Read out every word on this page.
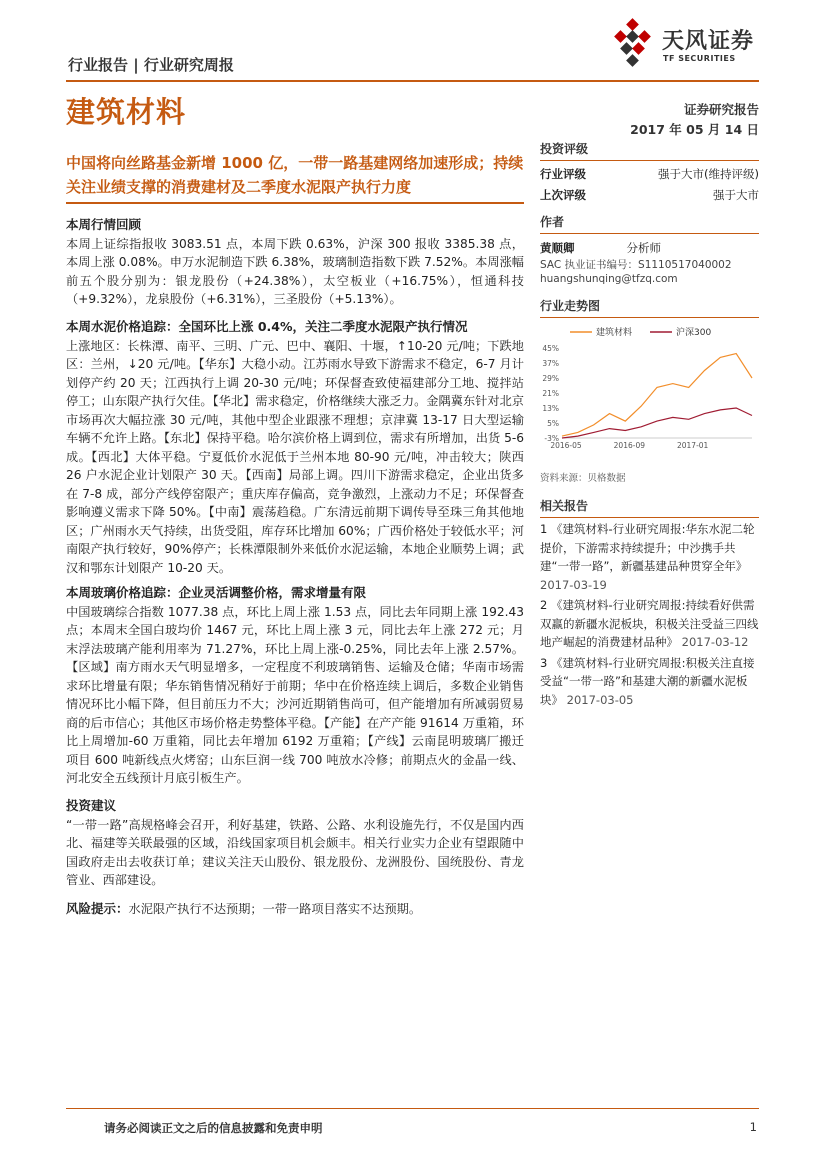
行业报告 | 行业研究周报
天风证券
TF SECURITIES
建筑材料	证券研究报告
2017 年 05 月 14 日
中国将向丝路基金新增 1000 亿，一带一路基建网络加速形成；持续关注业绩支撑的消费建材及二季度水泥限产执行力度
本周行情回顾
本周上证综指报收 3083.51 点，本周下跌 0.63%，沪深 300 报收 3385.38 点，本周上涨 0.08%。申万水泥制造下跌 6.38%，玻璃制造指数下跌 7.52%。本周涨幅前五个股分别为：银龙股份（+24.38%），太空板业（+16.75%），恒通科技（+9.32%），龙泉股份（+6.31%），三圣股份（+5.13%）。
本周水泥价格追踪：全国环比上涨 0.4%，关注二季度水泥限产执行情况
上涨地区：长株潭、南平、三明、广元、巴中、襄阳、十堰，↑10-20 元/吨；下跌地区：兰州，↓20 元/吨。【华东】大稳小动。江苏雨水导致下游需求不稳定，6-7 月计划停产约 20 天；江西执行上调 20-30 元/吨；环保督查致使福建部分工地、搅拌站停工；山东限产执行欠佳。【华北】需求稳定，价格继续大涨乏力。金隅冀东针对北京市场再次大幅拉涨 30 元/吨，其他中型企业跟涨不理想；京津冀 13-17 日大型运输车辆不允许上路。【东北】保持平稳。哈尔滨价格上调到位，需求有所增加，出货 5-6 成。【西北】大体平稳。宁夏低价水泥低于兰州本地 80-90 元/吨，冲击较大；陕西 26 户水泥企业计划限产 30 天。【西南】局部上调。四川下游需求稳定，企业出货多在 7-8 成，部分产线停窑限产；重庆库存偏高，竞争激烈，上涨动力不足；环保督查影响遵义需求下降 50%。【中南】震荡趋稳。广东清远前期下调传导至珠三角其他地区；广州雨水天气持续，出货受阻，库存环比增加 60%；广西价格处于较低水平；河南限产执行较好，90%停产；长株潭限制外来低价水泥运输，本地企业顺势上调；武汉和鄂东计划限产 10-20 天。
本周玻璃价格追踪：企业灵活调整价格，需求增量有限
中国玻璃综合指数 1077.38 点，环比上周上涨 1.53 点，同比去年同期上涨 192.43 点；本周末全国白玻均价 1467 元，环比上周上涨 3 元，同比去年上涨 272 元；月末浮法玻璃产能利用率为 71.27%，环比上周上涨-0.25%，同比去年上涨 2.57%。【区域】南方雨水天气明显增多，一定程度不利玻璃销售、运输及仓储；华南市场需求环比增量有限；华东销售情况稍好于前期；华中在价格连续上调后，多数企业销售情况环比小幅下降，但目前压力不大；沙河近期销售尚可，但产能增加有所减弱贸易商的后市信心；其他区市场价格走势整体平稳。【产能】在产产能 91614 万重箱，环比上周增加-60 万重箱，同比去年增加 6192 万重箱；【产线】云南昆明玻璃厂搬迁项目 600 吨新线点火烤窑；山东巨润一线 700 吨放水冷修；前期点火的金晶一线、河北安全五线预计月底引板生产。
投资建议
“一带一路”高规格峰会召开，利好基建，铁路、公路、水利设施先行，不仅是国内西北、福建等关联最强的区域，沿线国家项目机会颇丰。相关行业实力企业有望跟随中国政府走出去收获订单；建议关注天山股份、银龙股份、龙洲股份、国统股份、青龙管业、西部建设。
风险提示：水泥限产执行不达预期；一带一路项目落实不达预期。
投资评级
行业评级	强于大市(维持评级)
上次评级	强于大市
作者
黄顺卿	分析师
SAC 执业证书编号：S1110517040002
huangshunqing@tfzq.com
行业走势图
建筑材料	沪深300
45%
37%
29%
21%
13%
5%
-3%
2016-05	2016-09	2017-01
资料来源：贝格数据
相关报告
1 《建筑材料-行业研究周报:华东水泥二轮提价，下游需求持续提升；中沙携手共建“一带一路”，新疆基建品种贯穿全年》 2017-03-19
2 《建筑材料-行业研究周报:持续看好供需双赢的新疆水泥板块，积极关注受益三四线地产崛起的消费建材品种》 2017-03-12
3 《建筑材料-行业研究周报:积极关注直接受益“一带一路”和基建大潮的新疆水泥板块》 2017-03-05
请务必阅读正文之后的信息披露和免责申明	1
